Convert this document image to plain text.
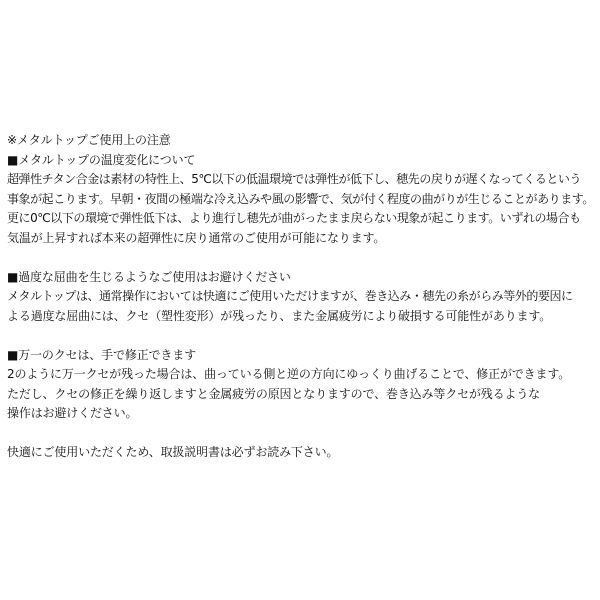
※メタルトップご使用上の注意
■メタルトップの温度変化について
超弾性チタン合金は素材の特性上、5℃以下の低温環境では弾性が低下し、穂先の戻りが遅くなってくるという
事象が起こります。早朝・夜間の極端な冷え込みや風の影響で、気が付く程度の曲がりが生じることがあります。
更に0℃以下の環境で弾性低下は、より進行し穂先が曲がったまま戻らない現象が起こります。いずれの場合も
気温が上昇すれば本来の超弾性に戻り通常のご使用が可能になります。
■過度な屈曲を生じるようなご使用はお避けください
メタルトップは、通常操作においては快適にご使用いただけますが、巻き込み・穂先の糸がらみ等外的要因に
よる過度な屈曲には、クセ（塑性変形）が残ったり、また金属疲労により破損する可能性があります。
■万一のクセは、手で修正できます
2のように万一クセが残った場合は、曲っている側と逆の方向にゆっくり曲げることで、修正ができます。
ただし、クセの修正を繰り返しますと金属疲労の原因となりますので、巻き込み等クセが残るような
操作はお避けください。
快適にご使用いただくため、取扱説明書は必ずお読み下さい。
